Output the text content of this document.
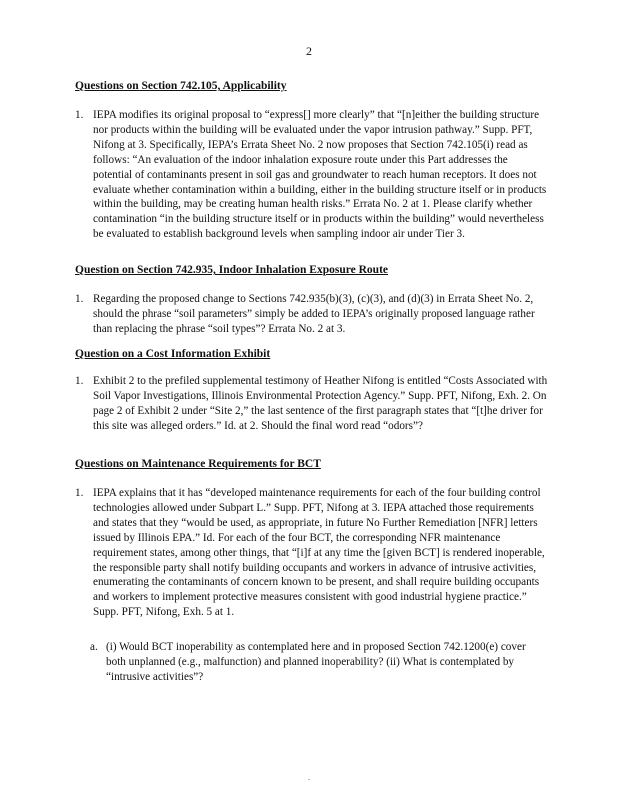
2
Questions on Section 742.105, Applicability
1. IEPA modifies its original proposal to “express[] more clearly” that “[n]either the building structure nor products within the building will be evaluated under the vapor intrusion pathway.” Supp. PFT, Nifong at 3. Specifically, IEPA’s Errata Sheet No. 2 now proposes that Section 742.105(i) read as follows: “An evaluation of the indoor inhalation exposure route under this Part addresses the potential of contaminants present in soil gas and groundwater to reach human receptors. It does not evaluate whether contamination within a building, either in the building structure itself or in products within the building, may be creating human health risks.” Errata No. 2 at 1. Please clarify whether contamination “in the building structure itself or in products within the building” would nevertheless be evaluated to establish background levels when sampling indoor air under Tier 3.
Question on Section 742.935, Indoor Inhalation Exposure Route
1. Regarding the proposed change to Sections 742.935(b)(3), (c)(3), and (d)(3) in Errata Sheet No. 2, should the phrase “soil parameters” simply be added to IEPA’s originally proposed language rather than replacing the phrase “soil types”? Errata No. 2 at 3.
Question on a Cost Information Exhibit
1. Exhibit 2 to the prefiled supplemental testimony of Heather Nifong is entitled “Costs Associated with Soil Vapor Investigations, Illinois Environmental Protection Agency.” Supp. PFT, Nifong, Exh. 2. On page 2 of Exhibit 2 under “Site 2,” the last sentence of the first paragraph states that “[t]he driver for this site was alleged orders.” Id. at 2. Should the final word read “odors”?
Questions on Maintenance Requirements for BCT
1. IEPA explains that it has “developed maintenance requirements for each of the four building control technologies allowed under Subpart L.” Supp. PFT, Nifong at 3. IEPA attached those requirements and states that they “would be used, as appropriate, in future No Further Remediation [NFR] letters issued by Illinois EPA.” Id. For each of the four BCT, the corresponding NFR maintenance requirement states, among other things, that “[i]f at any time the [given BCT] is rendered inoperable, the responsible party shall notify building occupants and workers in advance of intrusive activities, enumerating the contaminants of concern known to be present, and shall require building occupants and workers to implement protective measures consistent with good industrial hygiene practice.” Supp. PFT, Nifong, Exh. 5 at 1.
a. (i) Would BCT inoperability as contemplated here and in proposed Section 742.1200(e) cover both unplanned (e.g., malfunction) and planned inoperability? (ii) What is contemplated by “intrusive activities”?
.
